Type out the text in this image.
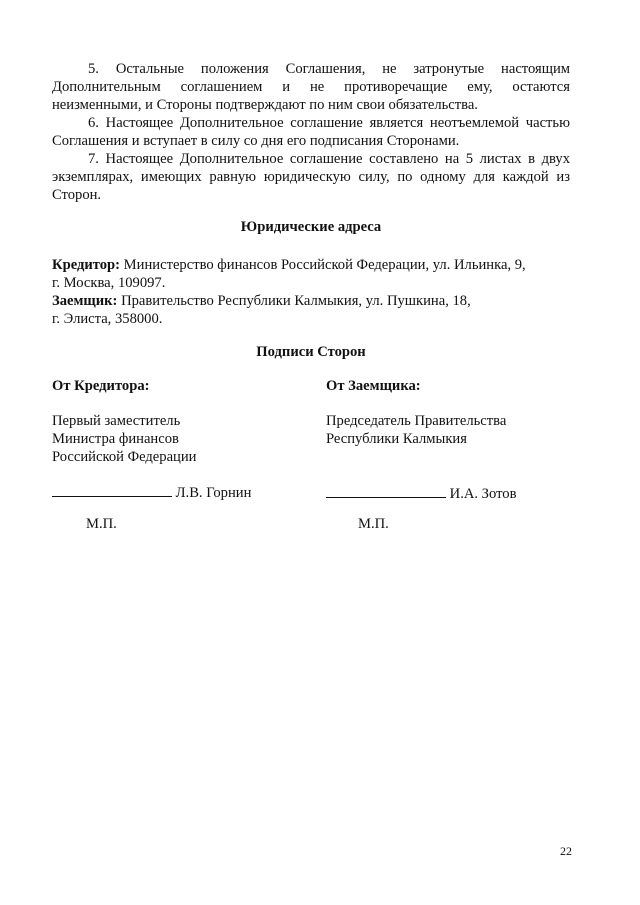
5. Остальные положения Соглашения, не затронутые настоящим
Дополнительным соглашением и не противоречащие ему, остаются
неизменными, и Стороны подтверждают по ним свои обязательства.
6. Настоящее Дополнительное соглашение является неотъемлемой частью
Соглашения и вступает в силу со дня его подписания Сторонами.
7. Настоящее Дополнительное соглашение составлено на 5 листах в двух
экземплярах, имеющих равную юридическую силу, по одному для каждой из
Сторон.
Юридические адреса
Кредитор: Министерство финансов Российской Федерации, ул. Ильинка, 9,
г. Москва, 109097.
Заемщик: Правительство Республики Калмыкия, ул. Пушкина, 18,
г. Элиста, 358000.
Подписи Сторон
От Кредитора:
Первый заместитель
Министра финансов
Российской Федерации
Л.В. Горнин
От Заемщика:
Председатель Правительства
Республики Калмыкия
И.А. Зотов
М.П.	М.П.
22
